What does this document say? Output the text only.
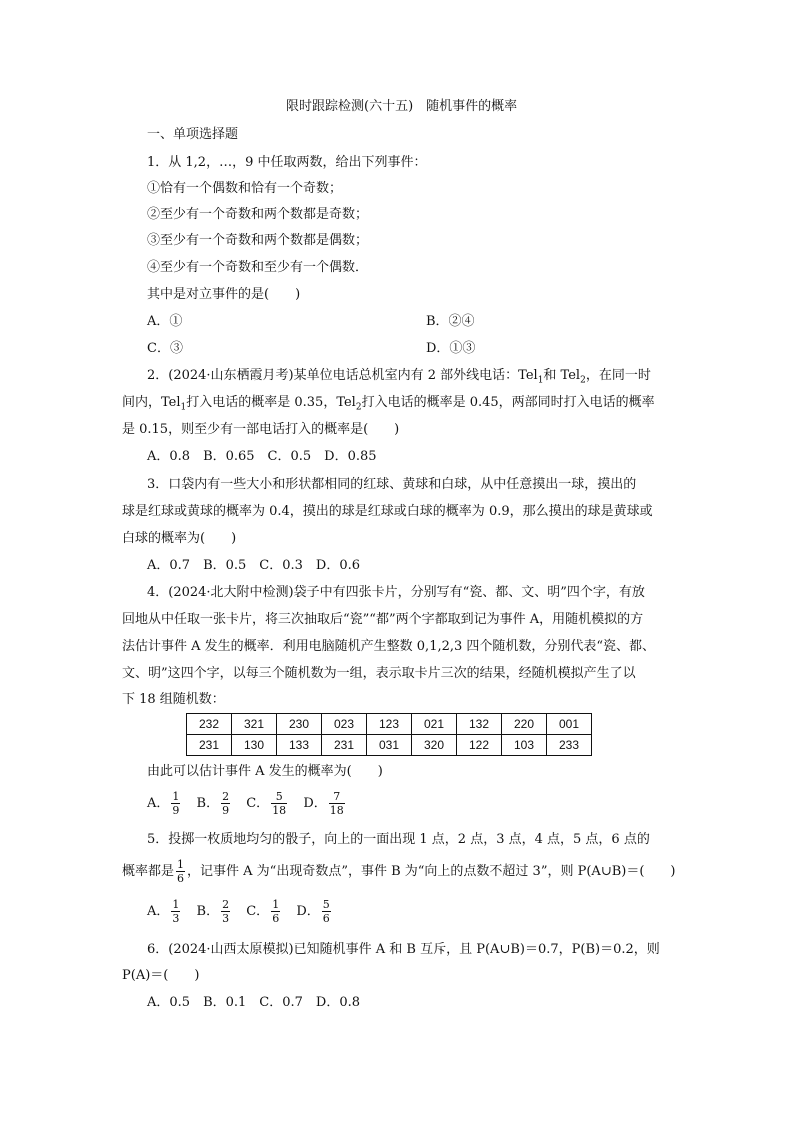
限时跟踪检测(六十五)　随机事件的概率
一、单项选择题
1．从 1,2，…，9 中任取两数，给出下列事件：
①恰有一个偶数和恰有一个奇数；
②至少有一个奇数和两个数都是奇数；
③至少有一个奇数和两个数都是偶数；
④至少有一个奇数和至少有一个偶数．
其中是对立事件的是(　　)
A．①	B．②④
C．③	D．①③
2．(2024·山东栖霞月考)某单位电话总机室内有 2 部外线电话：Tel$_1$和 Tel$_2$，在同一时
间内，Tel$_1$打入电话的概率是 0.35，Tel$_2$打入电话的概率是 0.45，两部同时打入电话的概率
是 0.15，则至少有一部电话打入的概率是(　　)
A．0.8　B．0.65　C．0.5　D．0.85
3．口袋内有一些大小和形状都相同的红球、黄球和白球，从中任意摸出一球，摸出的
球是红球或黄球的概率为 0.4，摸出的球是红球或白球的概率为 0.9，那么摸出的球是黄球或
白球的概率为(　　)
A．0.7　B．0.5　C．0.3　D．0.6
4．(2024·北大附中检测)袋子中有四张卡片，分别写有“瓷、都、文、明”四个字，有放
回地从中任取一张卡片，将三次抽取后“瓷”“都”两个字都取到记为事件 A，用随机模拟的方
法估计事件 A 发生的概率．利用电脑随机产生整数 0,1,2,3 四个随机数，分别代表“瓷、都、
文、明”这四个字，以每三个随机数为一组，表示取卡片三次的结果，经随机模拟产生了以
下 18 组随机数：
232	321	230	023	123	021	132	220	001
231	130	133	231	031	320	122	103	233
由此可以估计事件 A 发生的概率为(　　)
A． $\frac{1}{9}$ B． $\frac{2}{9}$ C． $\frac{5}{18}$ D． $\frac{7}{18}$
5．投掷一枚质地均匀的骰子，向上的一面出现 1 点，2 点，3 点，4 点，5 点，6 点的
概率都是 $\frac{1}{6}$ ，记事件 A 为“出现奇数点”，事件 B 为“向上的点数不超过 3”，则 P(A∪B)＝(　　)
A． $\frac{1}{3}$ B． $\frac{2}{3}$ C． $\frac{1}{6}$ D． $\frac{5}{6}$
6．(2024·山西太原模拟)已知随机事件 A 和 B 互斥，且 P(A∪B)＝0.7，P(B)＝0.2，则
P(A)＝(　　)
A．0.5　B．0.1　C．0.7　D．0.8
